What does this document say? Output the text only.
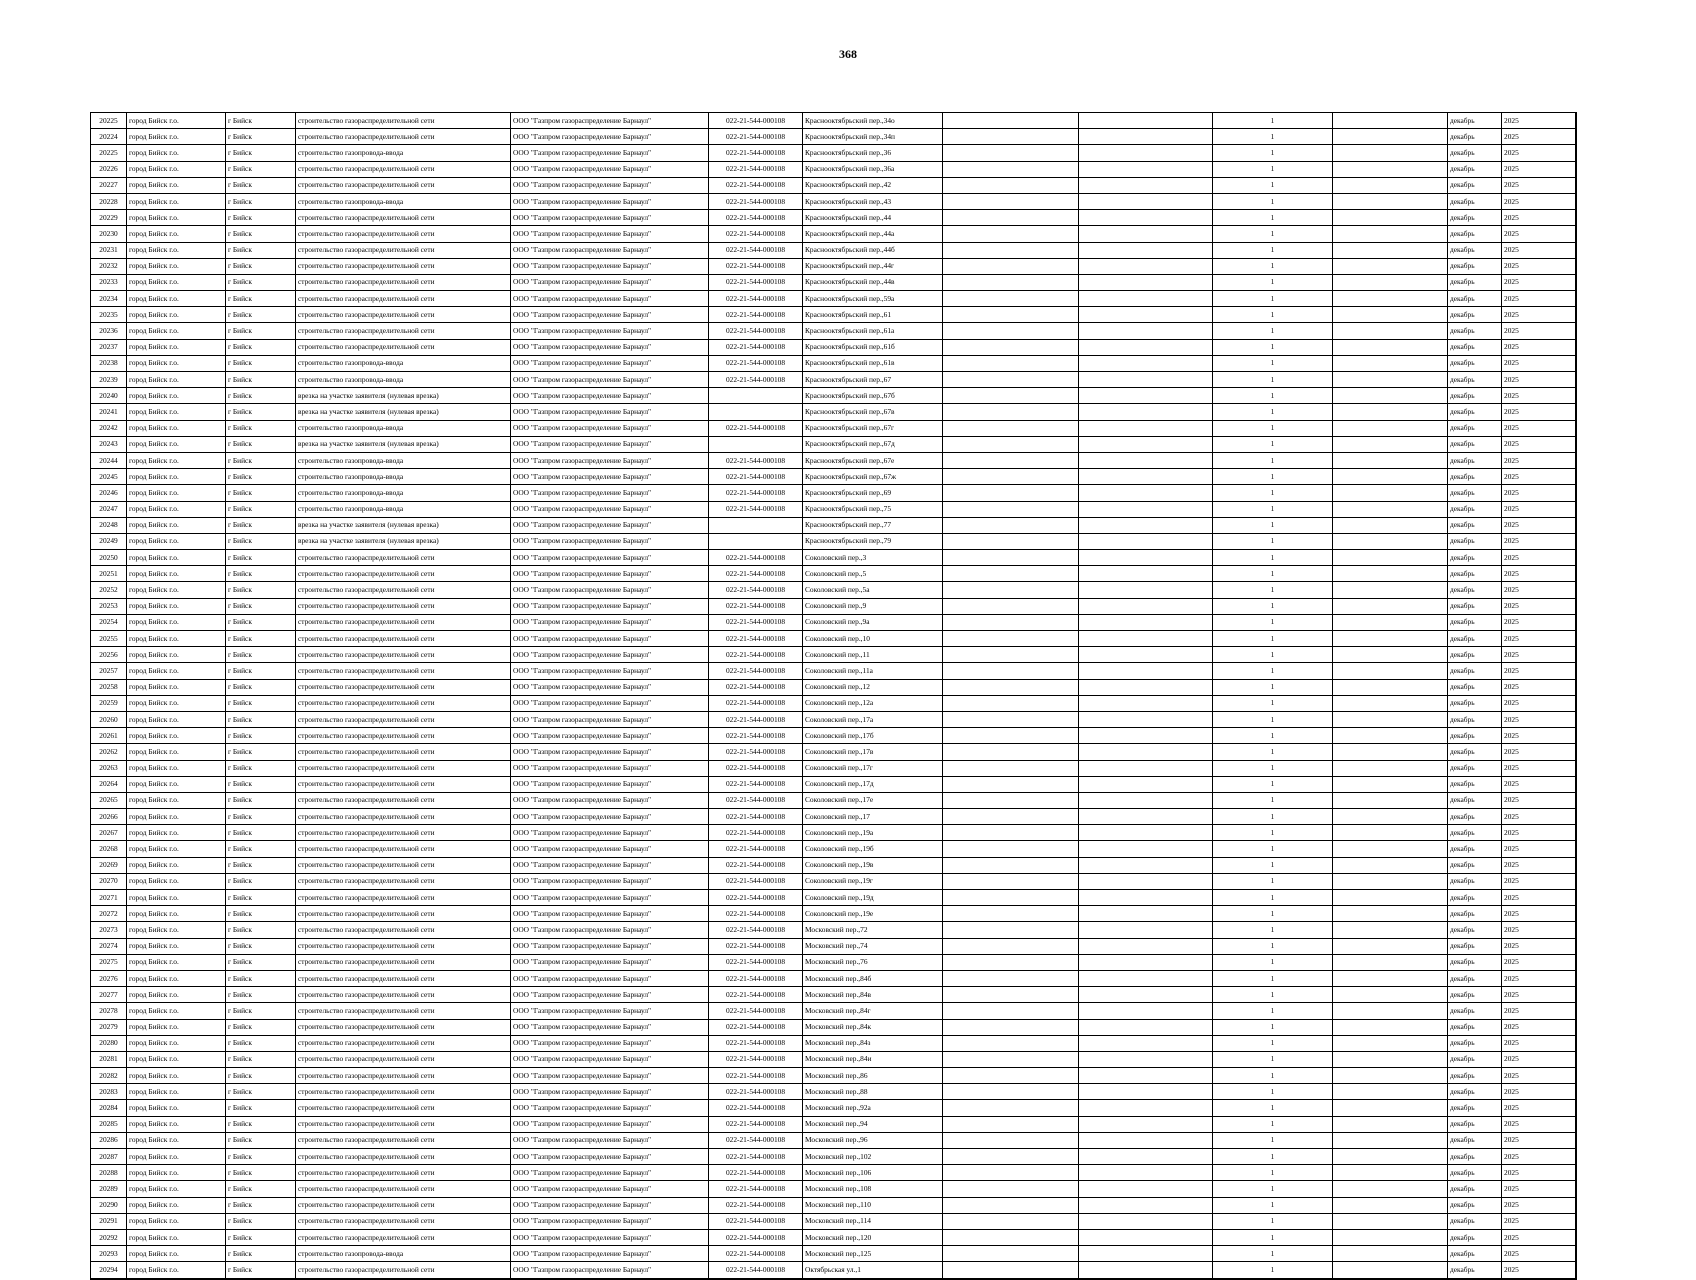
368
20225	город Бийск г.о.	г Бийск	строительство газораспределительной сети	ООО "Газпром газораспределение Барнаул"	022-21-544-000108	Краснооктябрьский пер.,34о			1		декабрь	2025
20224	город Бийск г.о.	г Бийск	строительство газораспределительной сети	ООО "Газпром газораспределение Барнаул"	022-21-544-000108	Краснооктябрьский пер.,34п			1		декабрь	2025
20225	город Бийск г.о.	г Бийск	строительство газопровода-ввода	ООО "Газпром газораспределение Барнаул"	022-21-544-000108	Краснооктябрьский пер.,36			1		декабрь	2025
20226	город Бийск г.о.	г Бийск	строительство газораспределительной сети	ООО "Газпром газораспределение Барнаул"	022-21-544-000108	Краснооктябрьский пер.,36а			1		декабрь	2025
20227	город Бийск г.о.	г Бийск	строительство газораспределительной сети	ООО "Газпром газораспределение Барнаул"	022-21-544-000108	Краснооктябрьский пер.,42			1		декабрь	2025
20228	город Бийск г.о.	г Бийск	строительство газопровода-ввода	ООО "Газпром газораспределение Барнаул"	022-21-544-000108	Краснооктябрьский пер.,43			1		декабрь	2025
20229	город Бийск г.о.	г Бийск	строительство газораспределительной сети	ООО "Газпром газораспределение Барнаул"	022-21-544-000108	Краснооктябрьский пер.,44			1		декабрь	2025
20230	город Бийск г.о.	г Бийск	строительство газораспределительной сети	ООО "Газпром газораспределение Барнаул"	022-21-544-000108	Краснооктябрьский пер.,44а			1		декабрь	2025
20231	город Бийск г.о.	г Бийск	строительство газораспределительной сети	ООО "Газпром газораспределение Барнаул"	022-21-544-000108	Краснооктябрьский пер.,44б			1		декабрь	2025
20232	город Бийск г.о.	г Бийск	строительство газораспределительной сети	ООО "Газпром газораспределение Барнаул"	022-21-544-000108	Краснооктябрьский пер.,44г			1		декабрь	2025
20233	город Бийск г.о.	г Бийск	строительство газораспределительной сети	ООО "Газпром газораспределение Барнаул"	022-21-544-000108	Краснооктябрьский пер.,44в			1		декабрь	2025
20234	город Бийск г.о.	г Бийск	строительство газораспределительной сети	ООО "Газпром газораспределение Барнаул"	022-21-544-000108	Краснооктябрьский пер.,59а			1		декабрь	2025
20235	город Бийск г.о.	г Бийск	строительство газораспределительной сети	ООО "Газпром газораспределение Барнаул"	022-21-544-000108	Краснооктябрьский пер.,61			1		декабрь	2025
20236	город Бийск г.о.	г Бийск	строительство газораспределительной сети	ООО "Газпром газораспределение Барнаул"	022-21-544-000108	Краснооктябрьский пер.,61а			1		декабрь	2025
20237	город Бийск г.о.	г Бийск	строительство газораспределительной сети	ООО "Газпром газораспределение Барнаул"	022-21-544-000108	Краснооктябрьский пер.,61б			1		декабрь	2025
20238	город Бийск г.о.	г Бийск	строительство газопровода-ввода	ООО "Газпром газораспределение Барнаул"	022-21-544-000108	Краснооктябрьский пер.,61в			1		декабрь	2025
20239	город Бийск г.о.	г Бийск	строительство газопровода-ввода	ООО "Газпром газораспределение Барнаул"	022-21-544-000108	Краснооктябрьский пер.,67			1		декабрь	2025
20240	город Бийск г.о.	г Бийск	врезка на участке заявителя (нулевая врезка)	ООО "Газпром газораспределение Барнаул"		Краснооктябрьский пер.,67б			1		декабрь	2025
20241	город Бийск г.о.	г Бийск	врезка на участке заявителя (нулевая врезка)	ООО "Газпром газораспределение Барнаул"		Краснооктябрьский пер.,67в			1		декабрь	2025
20242	город Бийск г.о.	г Бийск	строительство газопровода-ввода	ООО "Газпром газораспределение Барнаул"	022-21-544-000108	Краснооктябрьский пер.,67г			1		декабрь	2025
20243	город Бийск г.о.	г Бийск	врезка на участке заявителя (нулевая врезка)	ООО "Газпром газораспределение Барнаул"		Краснооктябрьский пер.,67д			1		декабрь	2025
20244	город Бийск г.о.	г Бийск	строительство газопровода-ввода	ООО "Газпром газораспределение Барнаул"	022-21-544-000108	Краснооктябрьский пер.,67е			1		декабрь	2025
20245	город Бийск г.о.	г Бийск	строительство газопровода-ввода	ООО "Газпром газораспределение Барнаул"	022-21-544-000108	Краснооктябрьский пер.,67ж			1		декабрь	2025
20246	город Бийск г.о.	г Бийск	строительство газопровода-ввода	ООО "Газпром газораспределение Барнаул"	022-21-544-000108	Краснооктябрьский пер.,69			1		декабрь	2025
20247	город Бийск г.о.	г Бийск	строительство газопровода-ввода	ООО "Газпром газораспределение Барнаул"	022-21-544-000108	Краснооктябрьский пер.,75			1		декабрь	2025
20248	город Бийск г.о.	г Бийск	врезка на участке заявителя (нулевая врезка)	ООО "Газпром газораспределение Барнаул"		Краснооктябрьский пер.,77			1		декабрь	2025
20249	город Бийск г.о.	г Бийск	врезка на участке заявителя (нулевая врезка)	ООО "Газпром газораспределение Барнаул"		Краснооктябрьский пер.,79			1		декабрь	2025
20250	город Бийск г.о.	г Бийск	строительство газораспределительной сети	ООО "Газпром газораспределение Барнаул"	022-21-544-000108	Соколовский пер.,3			1		декабрь	2025
20251	город Бийск г.о.	г Бийск	строительство газораспределительной сети	ООО "Газпром газораспределение Барнаул"	022-21-544-000108	Соколовский пер.,5			1		декабрь	2025
20252	город Бийск г.о.	г Бийск	строительство газораспределительной сети	ООО "Газпром газораспределение Барнаул"	022-21-544-000108	Соколовский пер.,5а			1		декабрь	2025
20253	город Бийск г.о.	г Бийск	строительство газораспределительной сети	ООО "Газпром газораспределение Барнаул"	022-21-544-000108	Соколовский пер.,9			1		декабрь	2025
20254	город Бийск г.о.	г Бийск	строительство газораспределительной сети	ООО "Газпром газораспределение Барнаул"	022-21-544-000108	Соколовский пер.,9а			1		декабрь	2025
20255	город Бийск г.о.	г Бийск	строительство газораспределительной сети	ООО "Газпром газораспределение Барнаул"	022-21-544-000108	Соколовский пер.,10			1		декабрь	2025
20256	город Бийск г.о.	г Бийск	строительство газораспределительной сети	ООО "Газпром газораспределение Барнаул"	022-21-544-000108	Соколовский пер.,11			1		декабрь	2025
20257	город Бийск г.о.	г Бийск	строительство газораспределительной сети	ООО "Газпром газораспределение Барнаул"	022-21-544-000108	Соколовский пер.,11а			1		декабрь	2025
20258	город Бийск г.о.	г Бийск	строительство газораспределительной сети	ООО "Газпром газораспределение Барнаул"	022-21-544-000108	Соколовский пер.,12			1		декабрь	2025
20259	город Бийск г.о.	г Бийск	строительство газораспределительной сети	ООО "Газпром газораспределение Барнаул"	022-21-544-000108	Соколовский пер.,12а			1		декабрь	2025
20260	город Бийск г.о.	г Бийск	строительство газораспределительной сети	ООО "Газпром газораспределение Барнаул"	022-21-544-000108	Соколовский пер.,17а			1		декабрь	2025
20261	город Бийск г.о.	г Бийск	строительство газораспределительной сети	ООО "Газпром газораспределение Барнаул"	022-21-544-000108	Соколовский пер.,17б			1		декабрь	2025
20262	город Бийск г.о.	г Бийск	строительство газораспределительной сети	ООО "Газпром газораспределение Барнаул"	022-21-544-000108	Соколовский пер.,17в			1		декабрь	2025
20263	город Бийск г.о.	г Бийск	строительство газораспределительной сети	ООО "Газпром газораспределение Барнаул"	022-21-544-000108	Соколовский пер.,17г			1		декабрь	2025
20264	город Бийск г.о.	г Бийск	строительство газораспределительной сети	ООО "Газпром газораспределение Барнаул"	022-21-544-000108	Соколовский пер.,17д			1		декабрь	2025
20265	город Бийск г.о.	г Бийск	строительство газораспределительной сети	ООО "Газпром газораспределение Барнаул"	022-21-544-000108	Соколовский пер.,17е			1		декабрь	2025
20266	город Бийск г.о.	г Бийск	строительство газораспределительной сети	ООО "Газпром газораспределение Барнаул"	022-21-544-000108	Соколовский пер.,17			1		декабрь	2025
20267	город Бийск г.о.	г Бийск	строительство газораспределительной сети	ООО "Газпром газораспределение Барнаул"	022-21-544-000108	Соколовский пер.,19а			1		декабрь	2025
20268	город Бийск г.о.	г Бийск	строительство газораспределительной сети	ООО "Газпром газораспределение Барнаул"	022-21-544-000108	Соколовский пер.,19б			1		декабрь	2025
20269	город Бийск г.о.	г Бийск	строительство газораспределительной сети	ООО "Газпром газораспределение Барнаул"	022-21-544-000108	Соколовский пер.,19в			1		декабрь	2025
20270	город Бийск г.о.	г Бийск	строительство газораспределительной сети	ООО "Газпром газораспределение Барнаул"	022-21-544-000108	Соколовский пер.,19г			1		декабрь	2025
20271	город Бийск г.о.	г Бийск	строительство газораспределительной сети	ООО "Газпром газораспределение Барнаул"	022-21-544-000108	Соколовский пер.,19д			1		декабрь	2025
20272	город Бийск г.о.	г Бийск	строительство газораспределительной сети	ООО "Газпром газораспределение Барнаул"	022-21-544-000108	Соколовский пер.,19е			1		декабрь	2025
20273	город Бийск г.о.	г Бийск	строительство газораспределительной сети	ООО "Газпром газораспределение Барнаул"	022-21-544-000108	Московский пер.,72			1		декабрь	2025
20274	город Бийск г.о.	г Бийск	строительство газораспределительной сети	ООО "Газпром газораспределение Барнаул"	022-21-544-000108	Московский пер.,74			1		декабрь	2025
20275	город Бийск г.о.	г Бийск	строительство газораспределительной сети	ООО "Газпром газораспределение Барнаул"	022-21-544-000108	Московский пер.,76			1		декабрь	2025
20276	город Бийск г.о.	г Бийск	строительство газораспределительной сети	ООО "Газпром газораспределение Барнаул"	022-21-544-000108	Московский пер.,84б			1		декабрь	2025
20277	город Бийск г.о.	г Бийск	строительство газораспределительной сети	ООО "Газпром газораспределение Барнаул"	022-21-544-000108	Московский пер.,84в			1		декабрь	2025
20278	город Бийск г.о.	г Бийск	строительство газораспределительной сети	ООО "Газпром газораспределение Барнаул"	022-21-544-000108	Московский пер.,84г			1		декабрь	2025
20279	город Бийск г.о.	г Бийск	строительство газораспределительной сети	ООО "Газпром газораспределение Барнаул"	022-21-544-000108	Московский пер.,84к			1		декабрь	2025
20280	город Бийск г.о.	г Бийск	строительство газораспределительной сети	ООО "Газпром газораспределение Барнаул"	022-21-544-000108	Московский пер.,84з			1		декабрь	2025
20281	город Бийск г.о.	г Бийск	строительство газораспределительной сети	ООО "Газпром газораспределение Барнаул"	022-21-544-000108	Московский пер.,84и			1		декабрь	2025
20282	город Бийск г.о.	г Бийск	строительство газораспределительной сети	ООО "Газпром газораспределение Барнаул"	022-21-544-000108	Московский пер.,86			1		декабрь	2025
20283	город Бийск г.о.	г Бийск	строительство газораспределительной сети	ООО "Газпром газораспределение Барнаул"	022-21-544-000108	Московский пер.,88			1		декабрь	2025
20284	город Бийск г.о.	г Бийск	строительство газораспределительной сети	ООО "Газпром газораспределение Барнаул"	022-21-544-000108	Московский пер.,92а			1		декабрь	2025
20285	город Бийск г.о.	г Бийск	строительство газораспределительной сети	ООО "Газпром газораспределение Барнаул"	022-21-544-000108	Московский пер.,94			1		декабрь	2025
20286	город Бийск г.о.	г Бийск	строительство газораспределительной сети	ООО "Газпром газораспределение Барнаул"	022-21-544-000108	Московский пер.,96			1		декабрь	2025
20287	город Бийск г.о.	г Бийск	строительство газораспределительной сети	ООО "Газпром газораспределение Барнаул"	022-21-544-000108	Московский пер.,102			1		декабрь	2025
20288	город Бийск г.о.	г Бийск	строительство газораспределительной сети	ООО "Газпром газораспределение Барнаул"	022-21-544-000108	Московский пер.,106			1		декабрь	2025
20289	город Бийск г.о.	г Бийск	строительство газораспределительной сети	ООО "Газпром газораспределение Барнаул"	022-21-544-000108	Московский пер.,108			1		декабрь	2025
20290	город Бийск г.о.	г Бийск	строительство газораспределительной сети	ООО "Газпром газораспределение Барнаул"	022-21-544-000108	Московский пер.,110			1		декабрь	2025
20291	город Бийск г.о.	г Бийск	строительство газораспределительной сети	ООО "Газпром газораспределение Барнаул"	022-21-544-000108	Московский пер.,114			1		декабрь	2025
20292	город Бийск г.о.	г Бийск	строительство газораспределительной сети	ООО "Газпром газораспределение Барнаул"	022-21-544-000108	Московский пер.,120			1		декабрь	2025
20293	город Бийск г.о.	г Бийск	строительство газопровода-ввода	ООО "Газпром газораспределение Барнаул"	022-21-544-000108	Московский пер.,125			1		декабрь	2025
20294	город Бийск г.о.	г Бийск	строительство газораспределительной сети	ООО "Газпром газораспределение Барнаул"	022-21-544-000108	Октябрьская ул.,1			1		декабрь	2025
